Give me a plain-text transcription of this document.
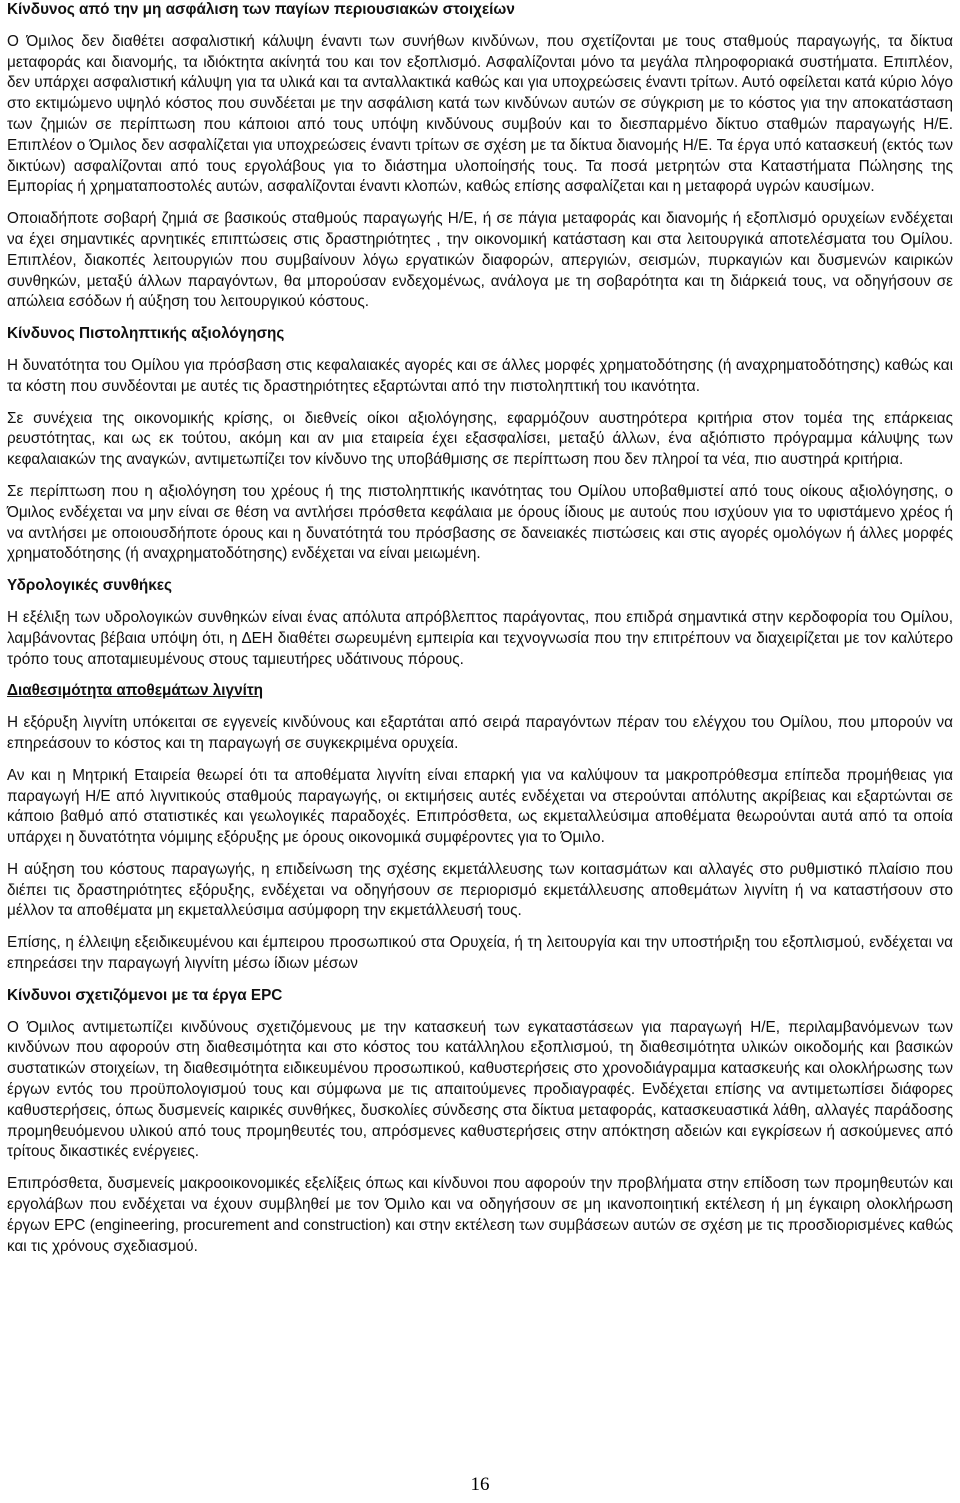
Κίνδυνος από την μη ασφάλιση των παγίων περιουσιακών στοιχείων

Ο Όμιλος δεν διαθέτει ασφαλιστική κάλυψη έναντι των συνήθων κινδύνων, που σχετίζονται με τους σταθμούς παραγωγής, τα δίκτυα μεταφοράς και διανομής, τα ιδιόκτητα ακίνητά του και τον εξοπλισμό. Ασφαλίζονται μόνο τα μεγάλα πληροφοριακά συστήματα. Επιπλέον, δεν υπάρχει ασφαλιστική κάλυψη για τα υλικά και τα ανταλλακτικά καθώς και για υποχρεώσεις έναντι τρίτων. Αυτό οφείλεται κατά κύριο λόγο στο εκτιμώμενο υψηλό κόστος που συνδέεται με την ασφάλιση κατά των κινδύνων αυτών σε σύγκριση με το κόστος για την αποκατάσταση των ζημιών σε περίπτωση που κάποιοι από τους υπόψη κινδύνους συμβούν και το διεσπαρμένο δίκτυο σταθμών παραγωγής Η/Ε. Επιπλέον ο Όμιλος δεν ασφαλίζεται για υποχρεώσεις έναντι τρίτων σε σχέση με τα δίκτυα διανομής Η/Ε. Τα έργα υπό κατασκευή (εκτός των δικτύων) ασφαλίζονται από τους εργολάβους για το διάστημα υλοποίησής τους. Τα ποσά μετρητών στα Καταστήματα Πώλησης της Εμπορίας ή χρηματαποστολές αυτών, ασφαλίζονται έναντι κλοπών, καθώς επίσης ασφαλίζεται και η μεταφορά υγρών καυσίμων.

Οποιαδήποτε σοβαρή ζημιά σε βασικούς σταθμούς παραγωγής Η/Ε, ή σε πάγια μεταφοράς και διανομής ή εξοπλισμό ορυχείων ενδέχεται να έχει σημαντικές αρνητικές επιπτώσεις στις δραστηριότητες , την οικονομική κατάσταση και στα λειτουργικά αποτελέσματα του Ομίλου. Επιπλέον, διακοπές λειτουργιών που συμβαίνουν λόγω εργατικών διαφορών, απεργιών, σεισμών, πυρκαγιών και δυσμενών καιρικών συνθηκών, μεταξύ άλλων παραγόντων, θα μπορούσαν ενδεχομένως, ανάλογα με τη σοβαρότητα και τη διάρκειά τους, να οδηγήσουν σε απώλεια εσόδων ή αύξηση του λειτουργικού κόστους.

Κίνδυνος Πιστοληπτικής αξιολόγησης

Η δυνατότητα του Ομίλου για πρόσβαση στις κεφαλαιακές αγορές και σε άλλες μορφές χρηματοδότησης (ή αναχρηματοδότησης) καθώς και τα κόστη που συνδέονται με αυτές τις δραστηριότητες εξαρτώνται από την πιστοληπτική του ικανότητα.

Σε συνέχεια της οικονομικής κρίσης, οι διεθνείς οίκοι αξιολόγησης, εφαρμόζουν αυστηρότερα κριτήρια στον τομέα της επάρκειας ρευστότητας, και ως εκ τούτου, ακόμη και αν μια εταιρεία έχει εξασφαλίσει, μεταξύ άλλων, ένα αξιόπιστο πρόγραμμα κάλυψης των κεφαλαιακών της αναγκών, αντιμετωπίζει τον κίνδυνο της υποβάθμισης σε περίπτωση που δεν πληροί τα νέα, πιο αυστηρά κριτήρια.

Σε περίπτωση που η αξιολόγηση του χρέους ή της πιστοληπτικής ικανότητας του Ομίλου υποβαθμιστεί από τους οίκους αξιολόγησης, ο Όμιλος ενδέχεται να μην είναι σε θέση να αντλήσει πρόσθετα κεφάλαια με όρους ίδιους με αυτούς που ισχύουν για το υφιστάμενο χρέος ή να αντλήσει με οποιουσδήποτε όρους και η δυνατότητά του πρόσβασης σε δανειακές πιστώσεις και στις αγορές ομολόγων ή άλλες μορφές χρηματοδότησης (ή αναχρηματοδότησης) ενδέχεται να είναι μειωμένη.

Υδρολογικές συνθήκες

Η εξέλιξη των υδρολογικών συνθηκών είναι ένας απόλυτα απρόβλεπτος παράγοντας, που επιδρά σημαντικά στην κερδοφορία του Ομίλου, λαμβάνοντας βέβαια υπόψη ότι, η ΔΕΗ διαθέτει σωρευμένη εμπειρία και τεχνογνωσία που την επιτρέπουν να διαχειρίζεται με τον καλύτερο τρόπο τους αποταμιευμένους στους ταμιευτήρες υδάτινους πόρους.

Διαθεσιμότητα αποθεμάτων λιγνίτη

Η εξόρυξη λιγνίτη υπόκειται σε εγγενείς κινδύνους και εξαρτάται από σειρά παραγόντων πέραν του ελέγχου του Ομίλου, που μπορούν να επηρεάσουν το κόστος και τη παραγωγή σε συγκεκριμένα ορυχεία.

Αν και η Μητρική Εταιρεία θεωρεί ότι τα αποθέματα λιγνίτη είναι επαρκή για να καλύψουν τα μακροπρόθεσμα επίπεδα προμήθειας για παραγωγή Η/Ε από λιγνιτικούς σταθμούς παραγωγής, οι εκτιμήσεις αυτές ενδέχεται να στερούνται απόλυτης ακρίβειας και εξαρτώνται σε κάποιο βαθμό από στατιστικές και γεωλογικές παραδοχές. Επιπρόσθετα, ως εκμεταλλεύσιμα αποθέματα θεωρούνται αυτά από τα οποία υπάρχει η δυνατότητα νόμιμης εξόρυξης με όρους οικονομικά συμφέροντες για το Όμιλο.

Η αύξηση του κόστους παραγωγής, η επιδείνωση της σχέσης εκμετάλλευσης των κοιτασμάτων και αλλαγές στο ρυθμιστικό πλαίσιο που διέπει τις δραστηριότητες εξόρυξης, ενδέχεται να οδηγήσουν σε περιορισμό εκμετάλλευσης αποθεμάτων λιγνίτη ή να καταστήσουν στο μέλλον τα αποθέματα μη εκμεταλλεύσιμα ασύμφορη την εκμετάλλευσή τους.

Επίσης, η έλλειψη εξειδικευμένου και έμπειρου προσωπικού στα Ορυχεία, ή τη λειτουργία και την υποστήριξη του εξοπλισμού, ενδέχεται να επηρεάσει την παραγωγή λιγνίτη μέσω ίδιων μέσων

Κίνδυνοι σχετιζόμενοι με τα έργα EPC

Ο Όμιλος αντιμετωπίζει κινδύνους σχετιζόμενους με την κατασκευή των εγκαταστάσεων για παραγωγή Η/Ε, περιλαμβανόμενων των κινδύνων που αφορούν στη διαθεσιμότητα και στο κόστος του κατάλληλου εξοπλισμού, τη διαθεσιμότητα υλικών οικοδομής και βασικών συστατικών στοιχείων, τη διαθεσιμότητα ειδικευμένου προσωπικού, καθυστερήσεις στο χρονοδιάγραμμα κατασκευής και ολοκλήρωσης των έργων εντός του προϋπολογισμού τους και σύμφωνα με τις απαιτούμενες προδιαγραφές. Ενδέχεται επίσης να αντιμετωπίσει διάφορες καθυστερήσεις, όπως δυσμενείς καιρικές συνθήκες, δυσκολίες σύνδεσης στα δίκτυα μεταφοράς, κατασκευαστικά λάθη, αλλαγές παράδοσης προμηθευόμενου υλικού από τους προμηθευτές του, απρόσμενες καθυστερήσεις στην απόκτηση αδειών και εγκρίσεων ή ασκούμενες από τρίτους δικαστικές ενέργειες.

Επιπρόσθετα, δυσμενείς μακροοικονομικές εξελίξεις όπως και κίνδυνοι που αφορούν την προβλήματα στην επίδοση των προμηθευτών και εργολάβων που ενδέχεται να έχουν συμβληθεί με τον Όμιλο και να οδηγήσουν σε μη ικανοποιητική εκτέλεση ή μη έγκαιρη ολοκλήρωση έργων EPC (engineering, procurement and construction) και στην εκτέλεση των συμβάσεων αυτών σε σχέση με τις προσδιορισμένες καθώς και τις χρόνους σχεδιασμού.

16
